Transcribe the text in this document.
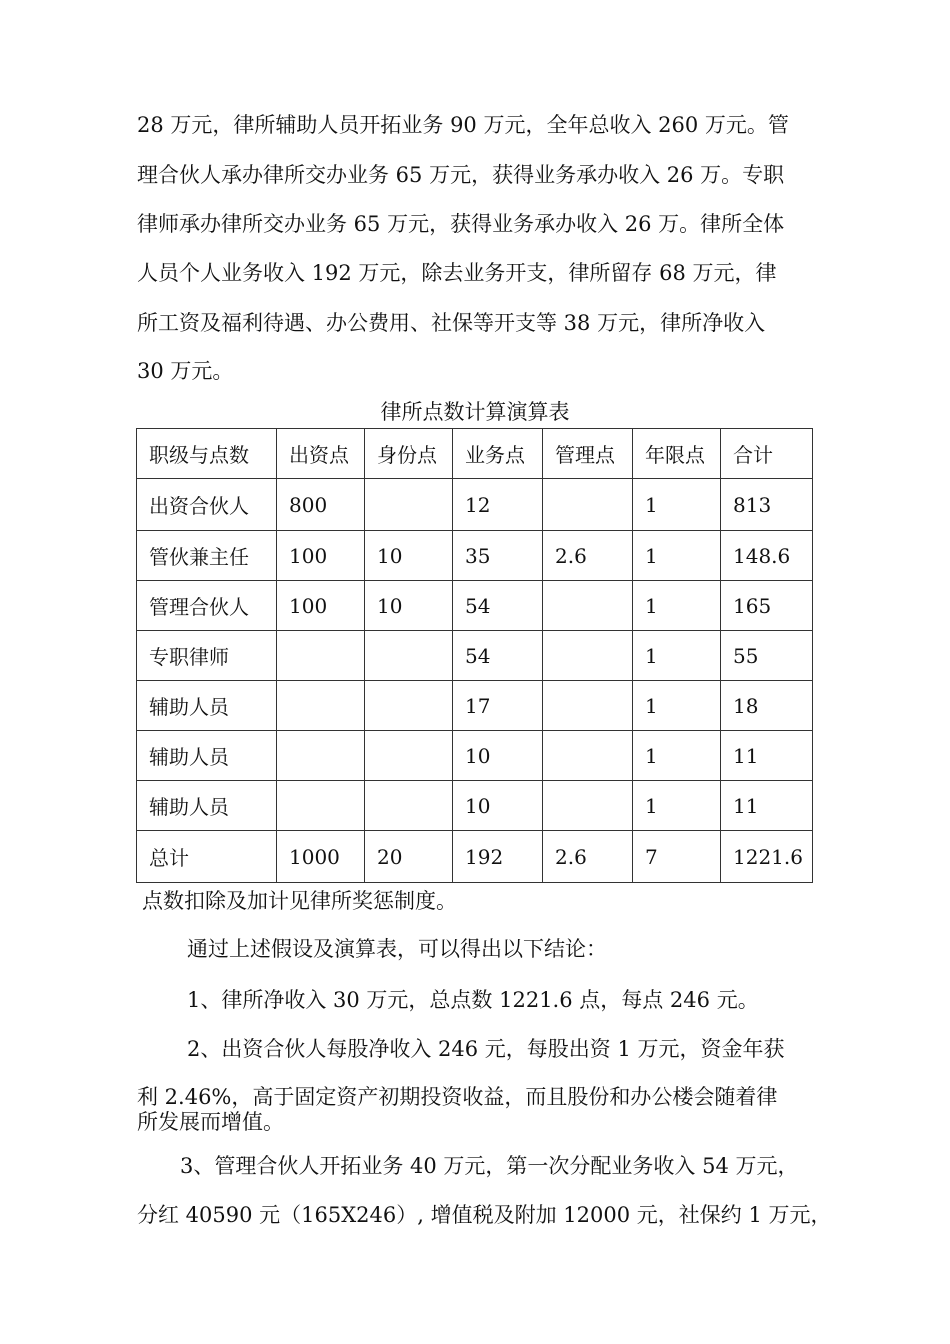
28 万元，律所辅助人员开拓业务 90 万元，全年总收入 260 万元。管
理合伙人承办律所交办业务 65 万元，获得业务承办收入 26 万。专职
律师承办律所交办业务 65 万元，获得业务承办收入 26 万。律所全体
人员个人业务收入 192 万元，除去业务开支，律所留存 68 万元，律
所工资及福利待遇、办公费用、社保等开支等 38 万元，律所净收入
30 万元。
律所点数计算演算表
职级与点数	出资点	身份点	业务点	管理点	年限点	合计
出资合伙人	800		12		1	813
管伙兼主任	100	10	35	2.6	1	148.6
管理合伙人	100	10	54		1	165
专职律师			54		1	55
辅助人员			17		1	18
辅助人员			10		1	11
辅助人员			10		1	11
总计	1000	20	192	2.6	7	1221.6
点数扣除及加计见律所奖惩制度。
通过上述假设及演算表，可以得出以下结论：
1、律所净收入 30 万元，总点数 1221.6 点，每点 246 元。
2、出资合伙人每股净收入 246 元，每股出资 1 万元，资金年获
利 2.46%，高于固定资产初期投资收益，而且股份和办公楼会随着律
所发展而增值。
3、管理合伙人开拓业务 40 万元，第一次分配业务收入 54 万元，
分红 40590 元（165X246）, 增值税及附加 12000 元，社保约 1 万元，
